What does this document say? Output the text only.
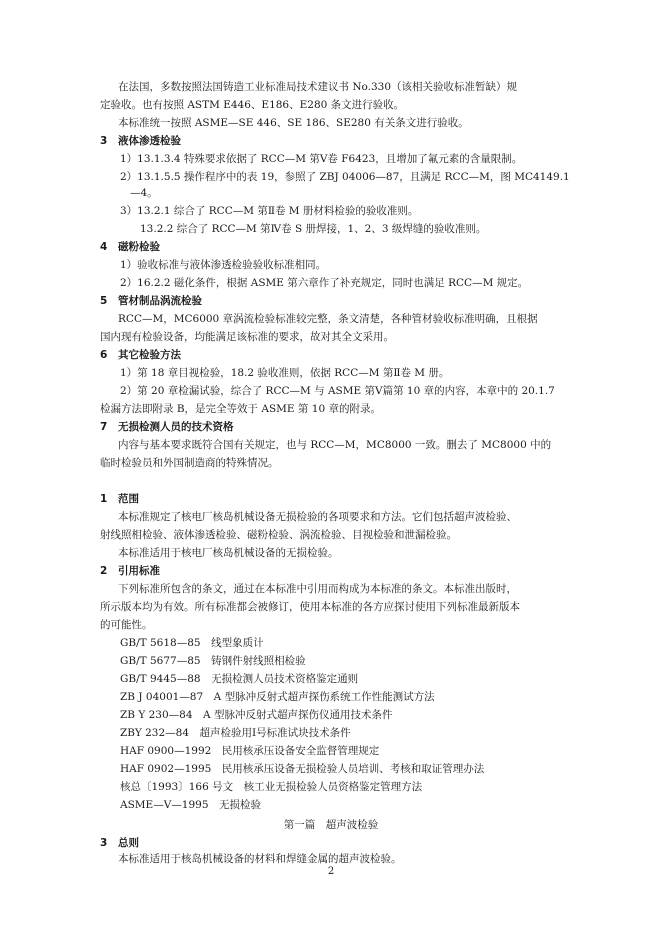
在法国，多数按照法国铸造工业标准局技术建议书 No.330（该相关验收标准暂缺）规
定验收。也有按照 ASTM E446、E186、E280 条文进行验收。
本标准统一按照 ASME—SE 446、SE 186、SE280 有关条文进行验收。
3 液体渗透检验
1）13.1.3.4 特殊要求依据了 RCC—M 第Ⅴ卷 F6423，且增加了氟元素的含量限制。
2）13.1.5.5 操作程序中的表 19，参照了 ZBJ 04006—87，且满足 RCC—M，图 MC4149.1
—4。
3）13.2.1 综合了 RCC—M 第Ⅱ卷 M 册材料检验的验收准则。
13.2.2 综合了 RCC—M 第Ⅳ卷 S 册焊接，1、2、3 级焊缝的验收准则。
4 磁粉检验
1）验收标准与液体渗透检验验收标准相同。
2）16.2.2 磁化条件，根据 ASME 第六章作了补充规定，同时也满足 RCC—M 规定。
5 管材制品涡流检验
RCC—M，MC6000 章涡流检验标准较完整，条文清楚，各种管材验收标准明确，且根据
国内现有检验设备，均能满足该标准的要求，故对其全文采用。
6 其它检验方法
1）第 18 章目视检验，18.2 验收准则，依据 RCC—M 第Ⅱ卷 M 册。
2）第 20 章检漏试验，综合了 RCC—M 与 ASME 第Ⅴ篇第 10 章的内容，本章中的 20.1.7
检漏方法即附录 B，是完全等效于 ASME 第 10 章的附录。
7 无损检测人员的技术资格
内容与基本要求既符合国有关规定，也与 RCC—M，MC8000 一致。删去了 MC8000 中的
临时检验员和外国制造商的特殊情况。
1 范围
本标准规定了核电厂核岛机械设备无损检验的各项要求和方法。它们包括超声波检验、
射线照相检验、液体渗透检验、磁粉检验、涡流检验、目视检验和泄漏检验。
本标准适用于核电厂核岛机械设备的无损检验。
2 引用标准
下列标准所包含的条文，通过在本标准中引用而构成为本标准的条文。本标准出版时，
所示版本均为有效。所有标准都会被修订，使用本标准的各方应探讨使用下列标准最新版本
的可能性。
GB/T 5618—85　线型象质计
GB/T 5677—85　铸钢件射线照相检验
GB/T 9445—88　无损检测人员技术资格鉴定通则
ZB J 04001—87　A 型脉冲反射式超声探伤系统工作性能测试方法
ZB Y 230—84　A 型脉冲反射式超声探伤仪通用技术条件
ZBY 232—84　超声检验用Ⅰ号标准试块技术条件
HAF 0900—1992　民用核承压设备安全监督管理规定
HAF 0902—1995　民用核承压设备无损检验人员培训、考核和取证管理办法
核总〔1993〕166 号文　核工业无损检验人员资格鉴定管理方法
ASME—V—1995　无损检验
第一篇　超声波检验
3 总则
本标准适用于核岛机械设备的材料和焊缝金属的超声波检验。
2
